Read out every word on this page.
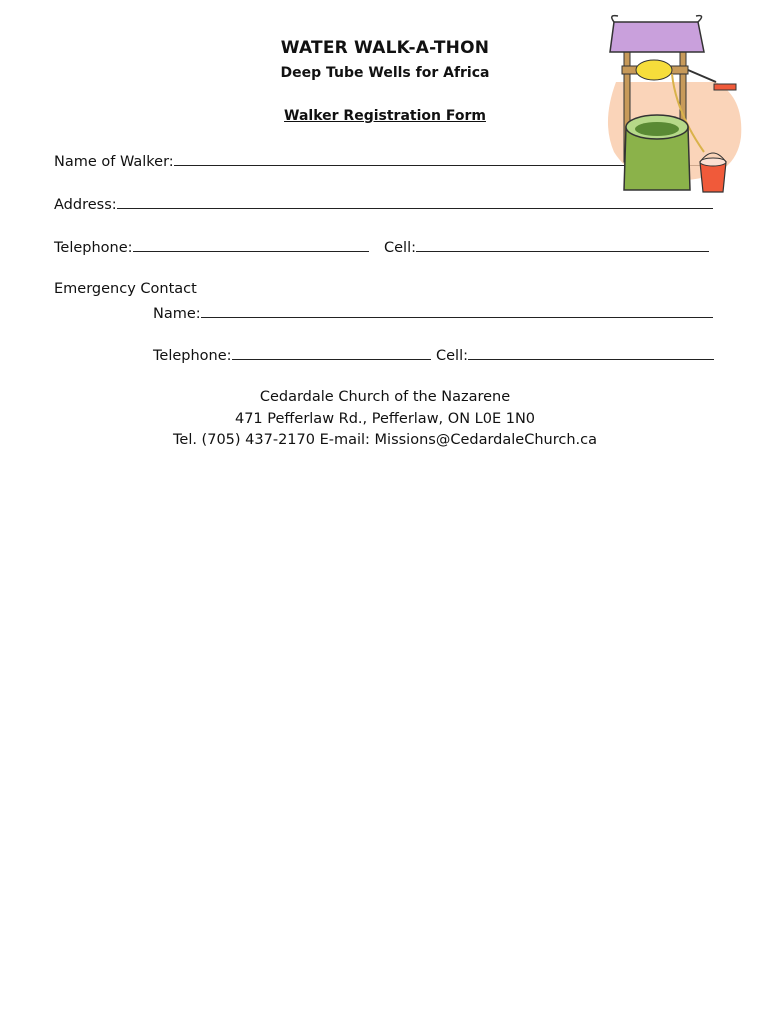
WATER WALK-A-THON
Deep Tube Wells for Africa
Walker Registration Form
Name of Walker:
Address:
Telephone:	Cell:
Emergency Contact
Name:
Telephone:	Cell:
Cedardale Church of the Nazarene
471 Pefferlaw Rd., Pefferlaw, ON L0E 1N0
Tel. (705) 437-2170 E-mail: Missions@CedardaleChurch.ca
